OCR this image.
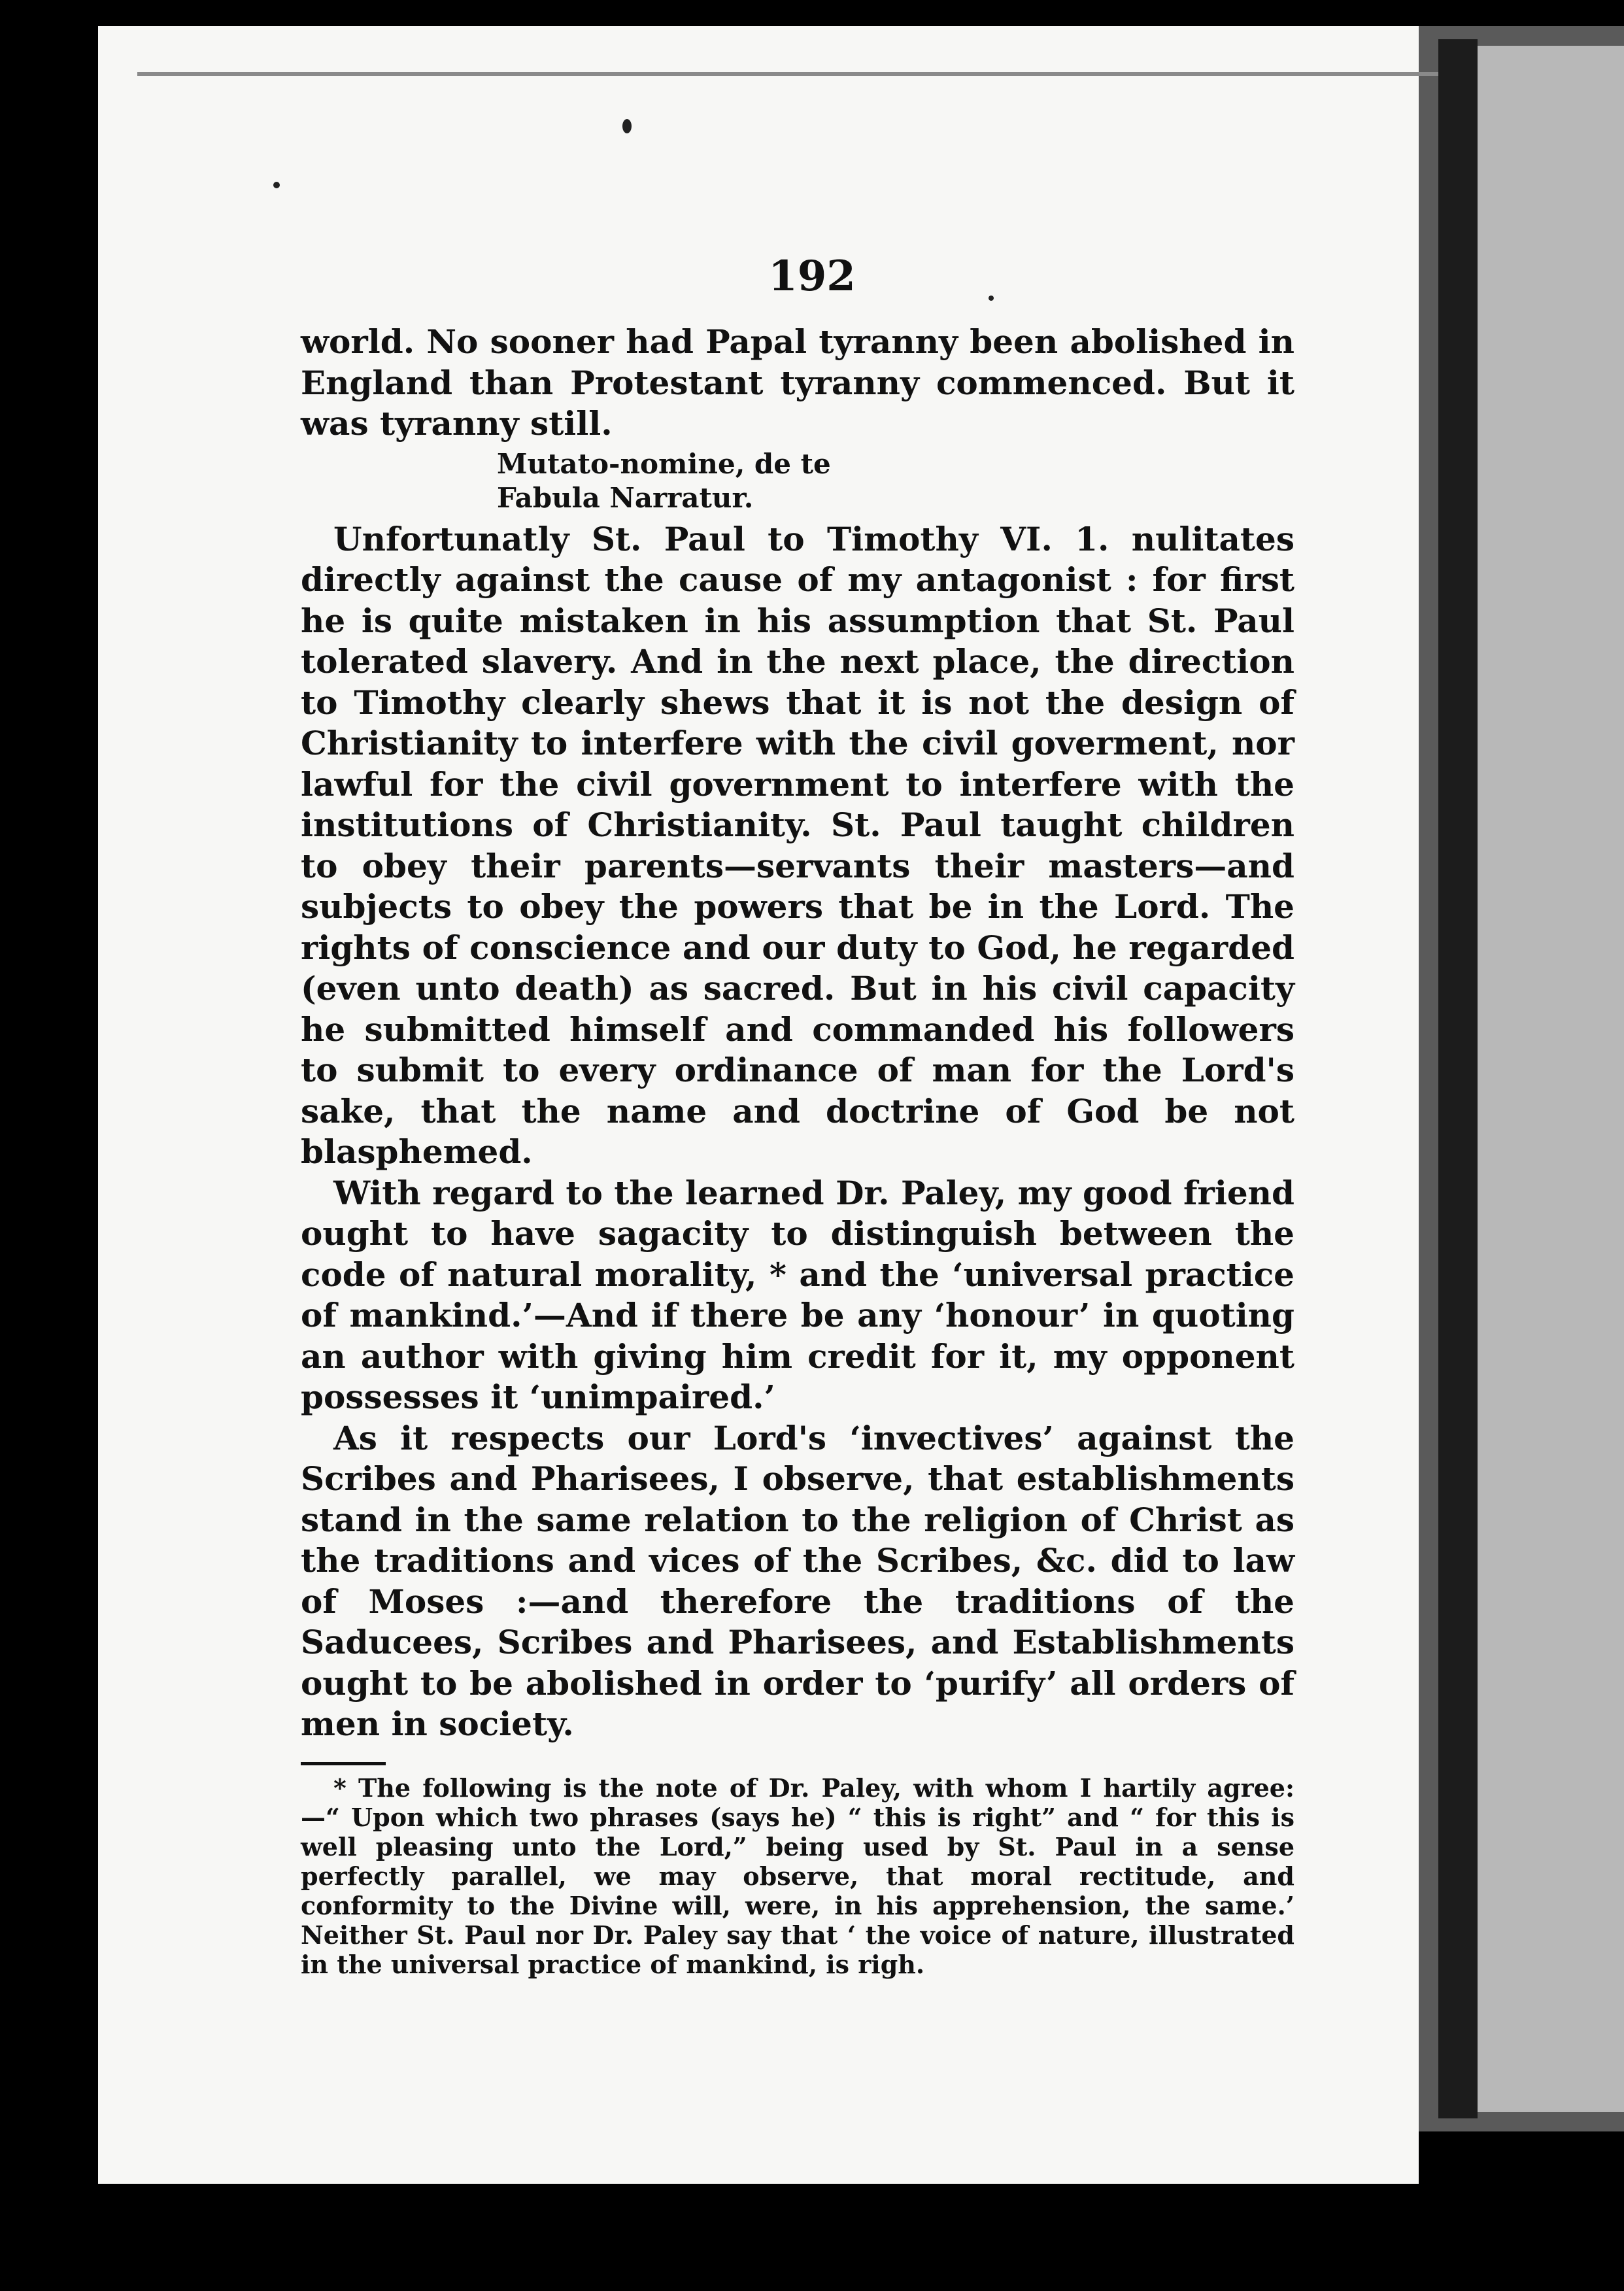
192

world. No sooner had Papal tyranny been abolished in England than Protestant tyranny commenced. But it was tyranny still.

Mutato-nomine, de te
Fabula Narratur.

Unfortunatly St. Paul to Timothy VI. 1. nulitates directly against the cause of my antagonist : for first he is quite mistaken in his assumption that St. Paul tolerated slavery. And in the next place, the direction to Timothy clearly shews that it is not the design of Christianity to interfere with the civil goverment, nor lawful for the civil government to interfere with the institutions of Christianity. St. Paul taught children to obey their parents—servants their masters—and subjects to obey the powers that be in the Lord. The rights of conscience and our duty to God, he regarded (even unto death) as sacred. But in his civil capacity he submitted himself and commanded his followers to submit to every ordinance of man for the Lord's sake, that the name and doctrine of God be not blasphemed.

With regard to the learned Dr. Paley, my good friend ought to have sagacity to distinguish between the code of natural morality, * and the ‘universal practice of mankind.’—And if there be any ‘honour’ in quoting an author with giving him credit for it, my opponent possesses it ‘unimpaired.’

As it respects our Lord's ‘invectives’ against the Scribes and Pharisees, I observe, that establishments stand in the same relation to the religion of Christ as the traditions and vices of the Scribes, &c. did to law of Moses :—and therefore the traditions of the Saducees, Scribes and Pharisees, and Establishments ought to be abolished in order to ‘purify’ all orders of men in society.

* The following is the note of Dr. Paley, with whom I hartily agree: —“ Upon which two phrases (says he) “ this is right” and “ for this is well pleasing unto the Lord,” being used by St. Paul in a sense perfectly parallel, we may observe, that moral rectitude, and conformity to the Divine will, were, in his apprehension, the same.’ Neither St. Paul nor Dr. Paley say that ‘ the voice of nature, illustrated in the universal practice of mankind, is righ.
